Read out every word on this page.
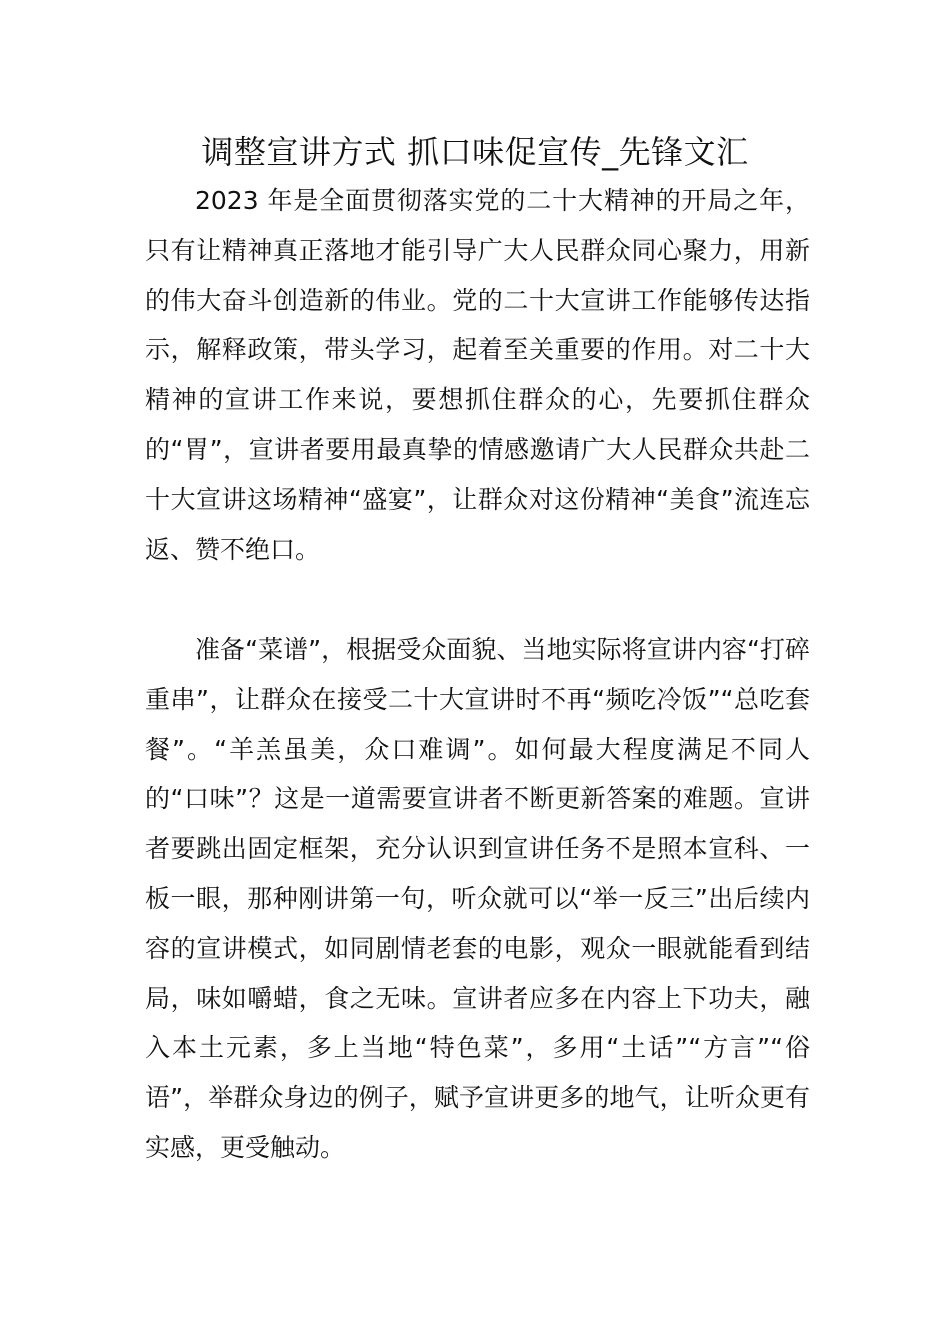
调整宣讲方式 抓口味促宣传_先锋文汇

2023 年是全面贯彻落实党的二十大精神的开局之年，只有让精神真正落地才能引导广大人民群众同心聚力，用新的伟大奋斗创造新的伟业。党的二十大宣讲工作能够传达指示，解释政策，带头学习，起着至关重要的作用。对二十大精神的宣讲工作来说，要想抓住群众的心，先要抓住群众的“胃”，宣讲者要用最真挚的情感邀请广大人民群众共赴二十大宣讲这场精神“盛宴”，让群众对这份精神“美食”流连忘返、赞不绝口。

准备“菜谱”，根据受众面貌、当地实际将宣讲内容“打碎重串”，让群众在接受二十大宣讲时不再“频吃冷饭”“总吃套餐”。“羊羔虽美，众口难调”。如何最大程度满足不同人的“口味”？这是一道需要宣讲者不断更新答案的难题。宣讲者要跳出固定框架，充分认识到宣讲任务不是照本宣科、一板一眼，那种刚讲第一句，听众就可以“举一反三”出后续内容的宣讲模式，如同剧情老套的电影，观众一眼就能看到结局，味如嚼蜡，食之无味。宣讲者应多在内容上下功夫，融入本土元素，多上当地“特色菜”，多用“土话”“方言”“俗语”，举群众身边的例子，赋予宣讲更多的地气，让听众更有实感，更受触动。
